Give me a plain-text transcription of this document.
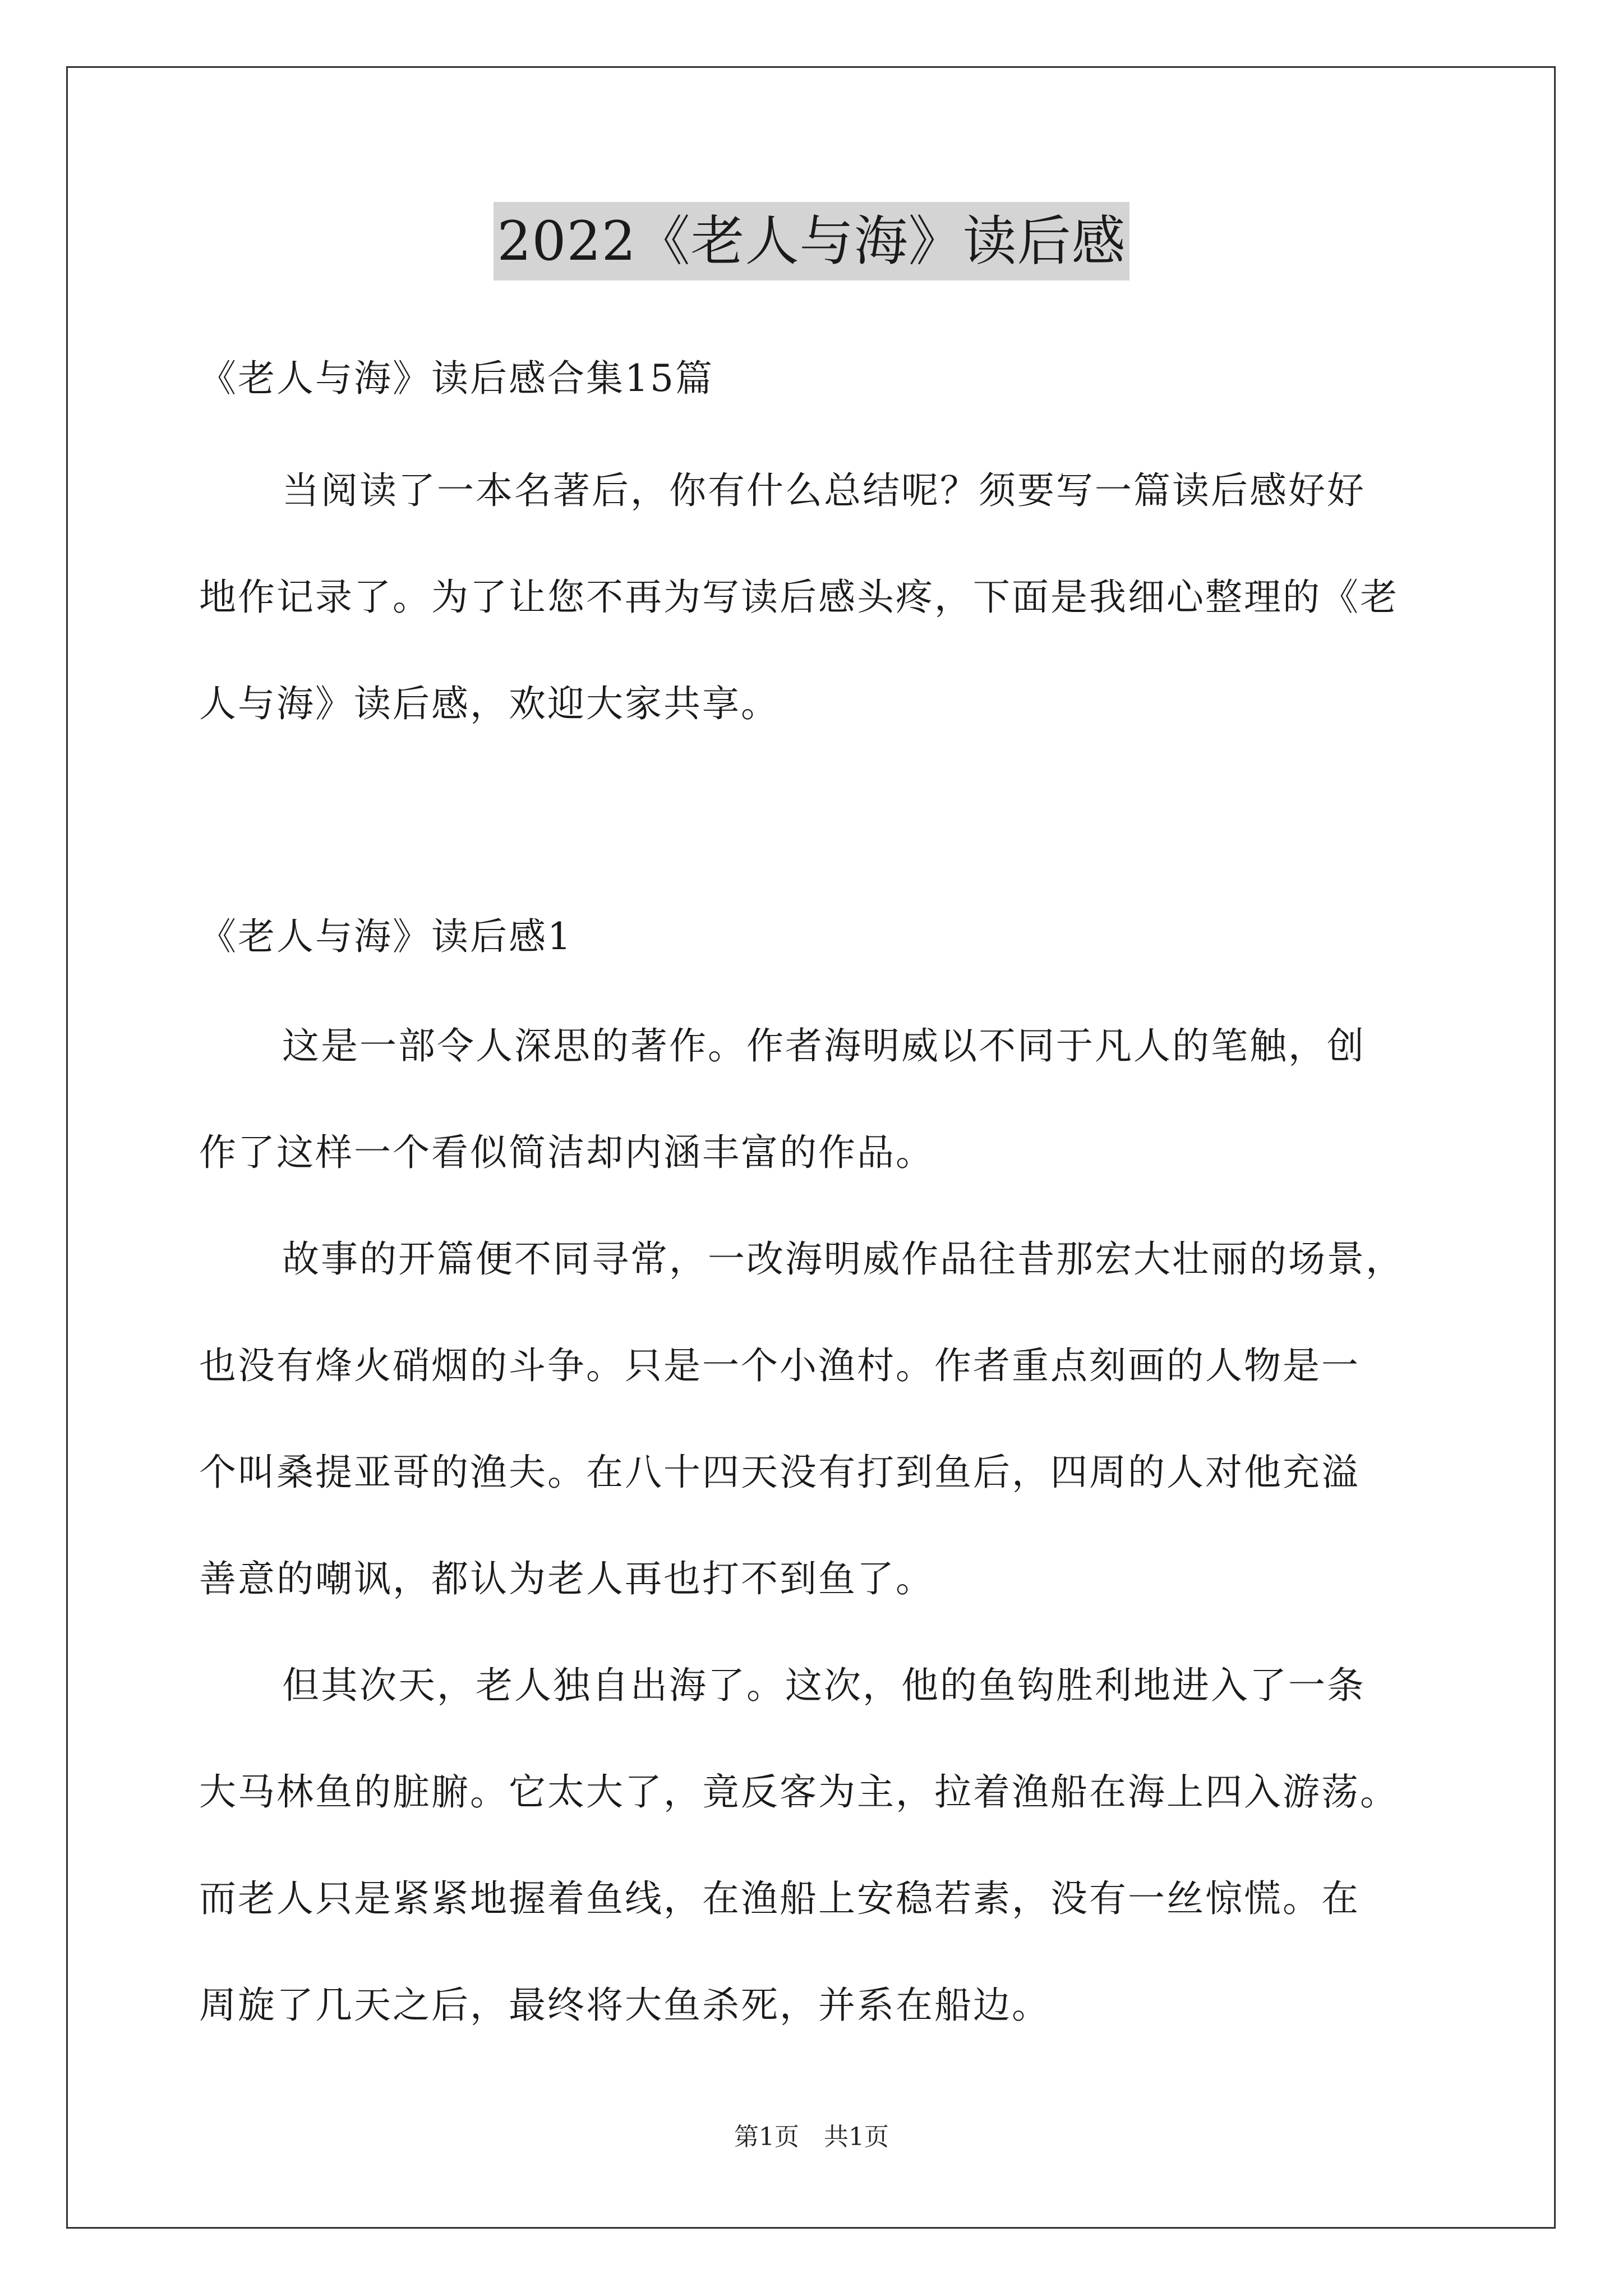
2022《老人与海》读后感
《老人与海》读后感合集15篇
当阅读了一本名著后，你有什么总结呢？须要写一篇读后感好好
地作记录了。为了让您不再为写读后感头疼，下面是我细心整理的《老
人与海》读后感，欢迎大家共享。
《老人与海》读后感1
这是一部令人深思的著作。作者海明威以不同于凡人的笔触，创
作了这样一个看似简洁却内涵丰富的作品。
故事的开篇便不同寻常，一改海明威作品往昔那宏大壮丽的场景，
也没有烽火硝烟的斗争。只是一个小渔村。作者重点刻画的人物是一
个叫桑提亚哥的渔夫。在八十四天没有打到鱼后，四周的人对他充溢
善意的嘲讽，都认为老人再也打不到鱼了。
但其次天，老人独自出海了。这次，他的鱼钩胜利地进入了一条
大马林鱼的脏腑。它太大了，竟反客为主，拉着渔船在海上四入游荡。
而老人只是紧紧地握着鱼线，在渔船上安稳若素，没有一丝惊慌。在
周旋了几天之后，最终将大鱼杀死，并系在船边。
第1页　共1页
